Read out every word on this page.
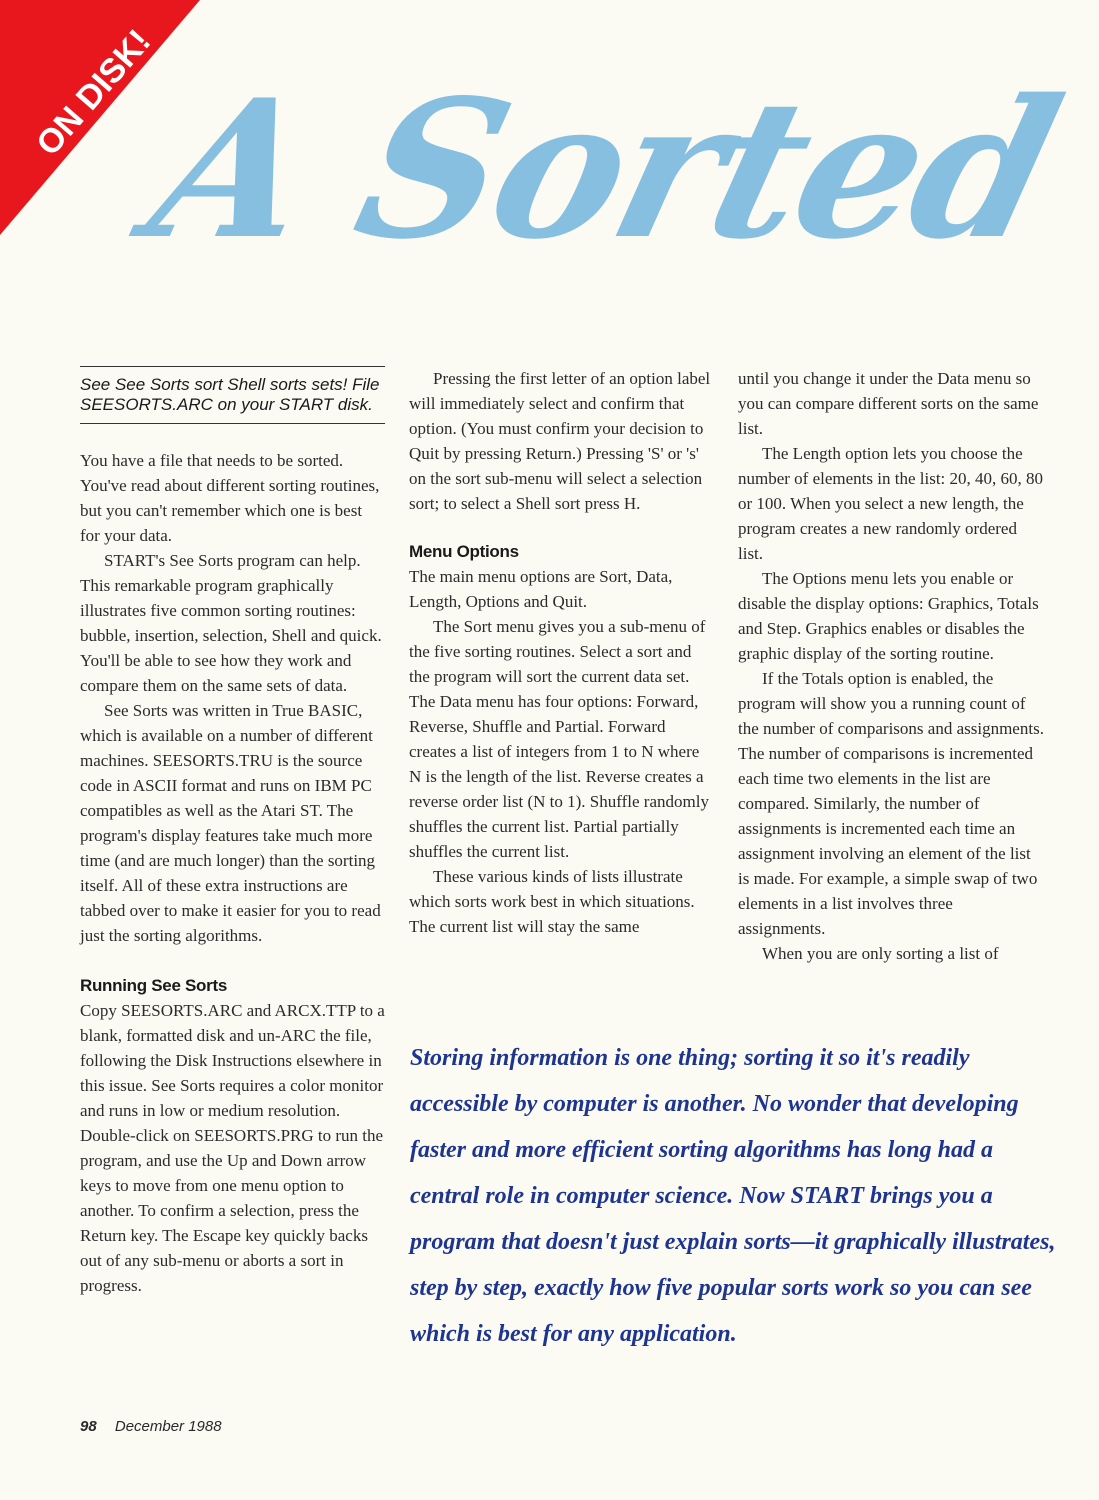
ON DISK!
A Sorted
See See Sorts sort Shell sorts sets! File SEESORTS.ARC on your START disk.

You have a file that needs to be sorted. You've read about different sorting routines, but you can't remember which one is best for your data.

START's See Sorts program can help. This remarkable program graphically illustrates five common sorting routines: bubble, insertion, selection, Shell and quick. You'll be able to see how they work and compare them on the same sets of data.

See Sorts was written in True BASIC, which is available on a number of different machines. SEESORTS.TRU is the source code in ASCII format and runs on IBM PC compatibles as well as the Atari ST. The program's display features take much more time (and are much longer) than the sorting itself. All of these extra instructions are tabbed over to make it easier for you to read just the sorting algorithms.

Running See Sorts

Copy SEESORTS.ARC and ARCX.TTP to a blank, formatted disk and un-ARC the file, following the Disk Instructions elsewhere in this issue. See Sorts requires a color monitor and runs in low or medium resolution. Double-click on SEESORTS.PRG to run the program, and use the Up and Down arrow keys to move from one menu option to another. To confirm a selection, press the Return key. The Escape key quickly backs out of any sub-menu or aborts a sort in progress.

Pressing the first letter of an option label will immediately select and confirm that option. (You must confirm your decision to Quit by pressing Return.) Pressing 'S' or 's' on the sort sub-menu will select a selection sort; to select a Shell sort press H.

Menu Options

The main menu options are Sort, Data, Length, Options and Quit.

The Sort menu gives you a sub-menu of the five sorting routines. Select a sort and the program will sort the current data set. The Data menu has four options: Forward, Reverse, Shuffle and Partial. Forward creates a list of integers from 1 to N where N is the length of the list. Reverse creates a reverse order list (N to 1). Shuffle randomly shuffles the current list. Partial partially shuffles the current list.

These various kinds of lists illustrate which sorts work best in which situations. The current list will stay the same

until you change it under the Data menu so you can compare different sorts on the same list.

The Length option lets you choose the number of elements in the list: 20, 40, 60, 80 or 100. When you select a new length, the program creates a new randomly ordered list.

The Options menu lets you enable or disable the display options: Graphics, Totals and Step. Graphics enables or disables the graphic display of the sorting routine.

If the Totals option is enabled, the program will show you a running count of the number of comparisons and assignments. The number of comparisons is incremented each time two elements in the list are compared. Similarly, the number of assignments is incremented each time an assignment involving an element of the list is made. For example, a simple swap of two elements in a list involves three assignments.

When you are only sorting a list of

Storing information is one thing; sorting it so it's readily accessible by computer is another. No wonder that developing faster and more efficient sorting algorithms has long had a central role in computer science. Now START brings you a program that doesn't just explain sorts—it graphically illustrates, step by step, exactly how five popular sorts work so you can see which is best for any application.
98 December 1988
